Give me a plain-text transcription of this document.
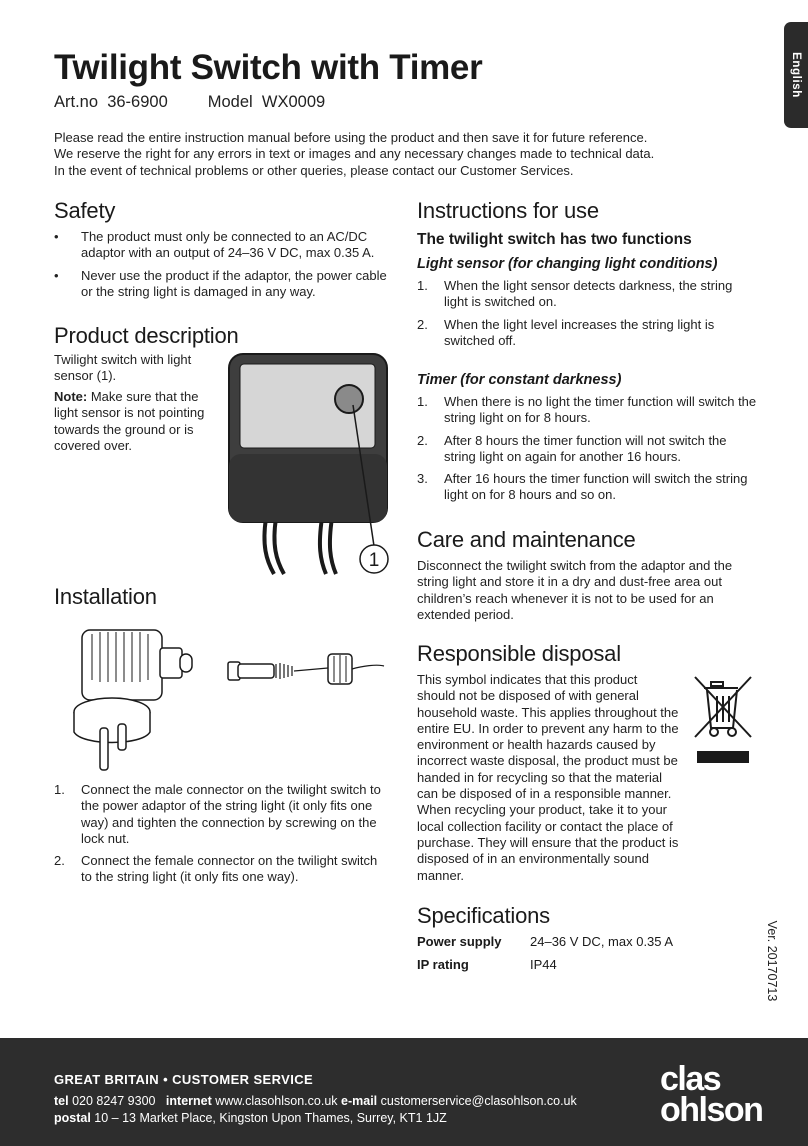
Twilight Switch with Timer
Art.no 36-6900 Model WX0009
Please read the entire instruction manual before using the product and then save it for future reference.
We reserve the right for any errors in text or images and any necessary changes made to technical data.
In the event of technical problems or other queries, please contact our Customer Services.
English
Safety
• The product must only be connected to an AC/DC adaptor with an output of 24–36 V DC, max 0.35 A.
• Never use the product if the adaptor, the power cable or the string light is damaged in any way.
Product description
Twilight switch with light sensor (1).
Note: Make sure that the light sensor is not pointing towards the ground or is covered over.
1
Installation
1. Connect the male connector on the twilight switch to the power adaptor of the string light (it only fits one way) and tighten the connection by screwing on the lock nut.
2. Connect the female connector on the twilight switch to the string light (it only fits one way).
Instructions for use
The twilight switch has two functions
Light sensor (for changing light conditions)
1. When the light sensor detects darkness, the string light is switched on.
2. When the light level increases the string light is switched off.
Timer (for constant darkness)
1. When there is no light the timer function will switch the string light on for 8 hours.
2. After 8 hours the timer function will not switch the string light on again for another 16 hours.
3. After 16 hours the timer function will switch the string light on for 8 hours and so on.
Care and maintenance
Disconnect the twilight switch from the adaptor and the string light and store it in a dry and dust-free area out children’s reach whenever it is not to be used for an extended period.
Responsible disposal
This symbol indicates that this product should not be disposed of with general household waste. This applies throughout the entire EU. In order to prevent any harm to the environment or health hazards caused by incorrect waste disposal, the product must be handed in for recycling so that the material can be disposed of in a responsible manner. When recycling your product, take it to your local collection facility or contact the place of purchase. They will ensure that the product is disposed of in an environmentally sound manner.
Specifications
Power supply 24–36 V DC, max 0.35 A
IP rating	IP44	Ver. 20170713
GREAT BRITAIN • CUSTOMER SERVICE
tel 020 8247 9300 internet www.clasohlson.co.uk e-mail customerservice@clasohlson.co.uk
postal 10 – 13 Market Place, Kingston Upon Thames, Surrey, KT1 1JZ
clas
ohlson
